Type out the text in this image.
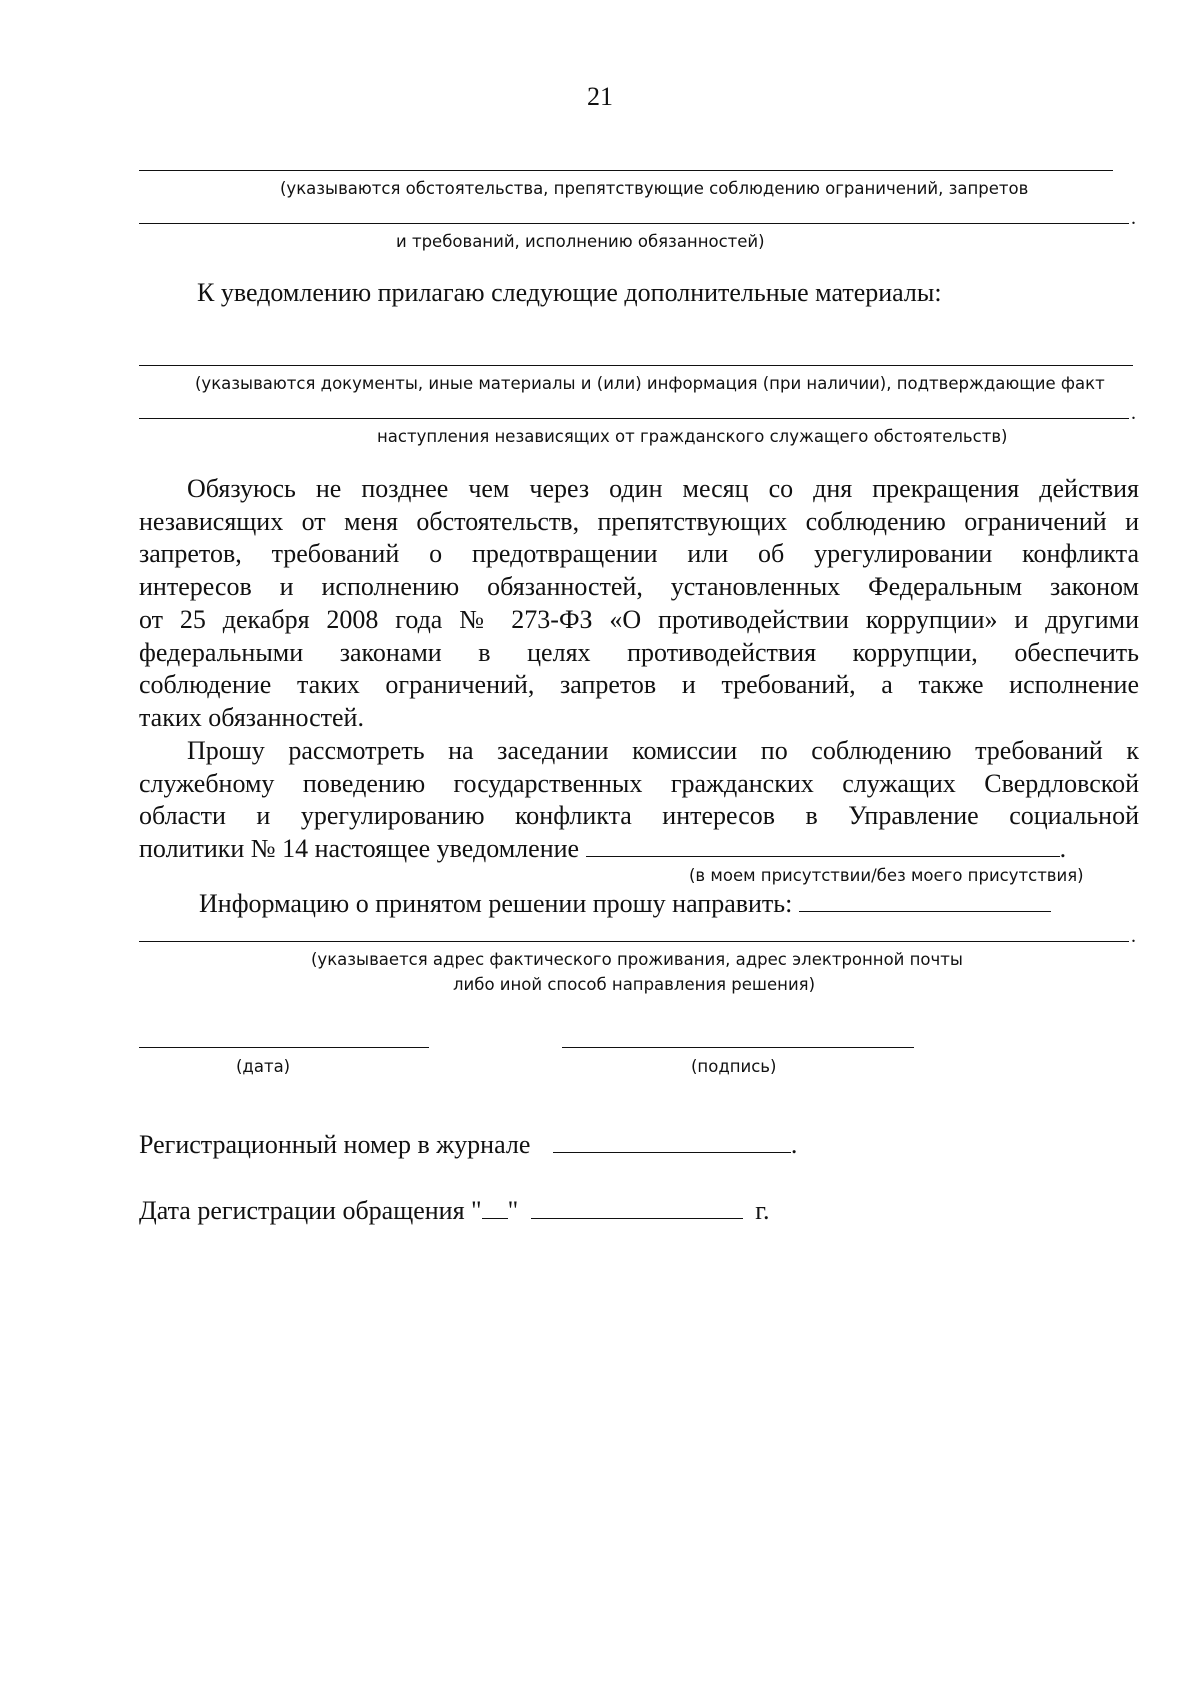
21
(указываются обстоятельства, препятствующие соблюдению ограничений, запретов
.
и требований, исполнению обязанностей)
К уведомлению прилагаю следующие дополнительные материалы:
(указываются документы, иные материалы и (или) информация (при наличии), подтверждающие факт
.
наступления независящих от гражданского служащего обстоятельств)
Обязуюсь не позднее чем через один месяц со дня прекращения действия
независящих от меня обстоятельств, препятствующих соблюдению ограничений и
запретов, требований о предотвращении или об урегулировании конфликта
интересов и исполнению обязанностей, установленных Федеральным законом
от 25 декабря 2008 года № 273-ФЗ «О противодействии коррупции» и другими
федеральными законами в целях противодействия коррупции, обеспечить
соблюдение таких ограничений, запретов и требований, а также исполнение
таких обязанностей.
Прошу рассмотреть на заседании комиссии по соблюдению требований к
служебному поведению государственных гражданских служащих Свердловской
области и урегулированию конфликта интересов в Управление социальной
политики № 14 настоящее уведомление	.
(в моем присутствии/без моего присутствия)
Информацию о принятом решении прошу направить:
.
(указывается адрес фактического проживания, адрес электронной почты
либо иной способ направления решения)
(дата)	(подпись)
Регистрационный номер в журнале	.
Дата регистрации обращения " "	г.
